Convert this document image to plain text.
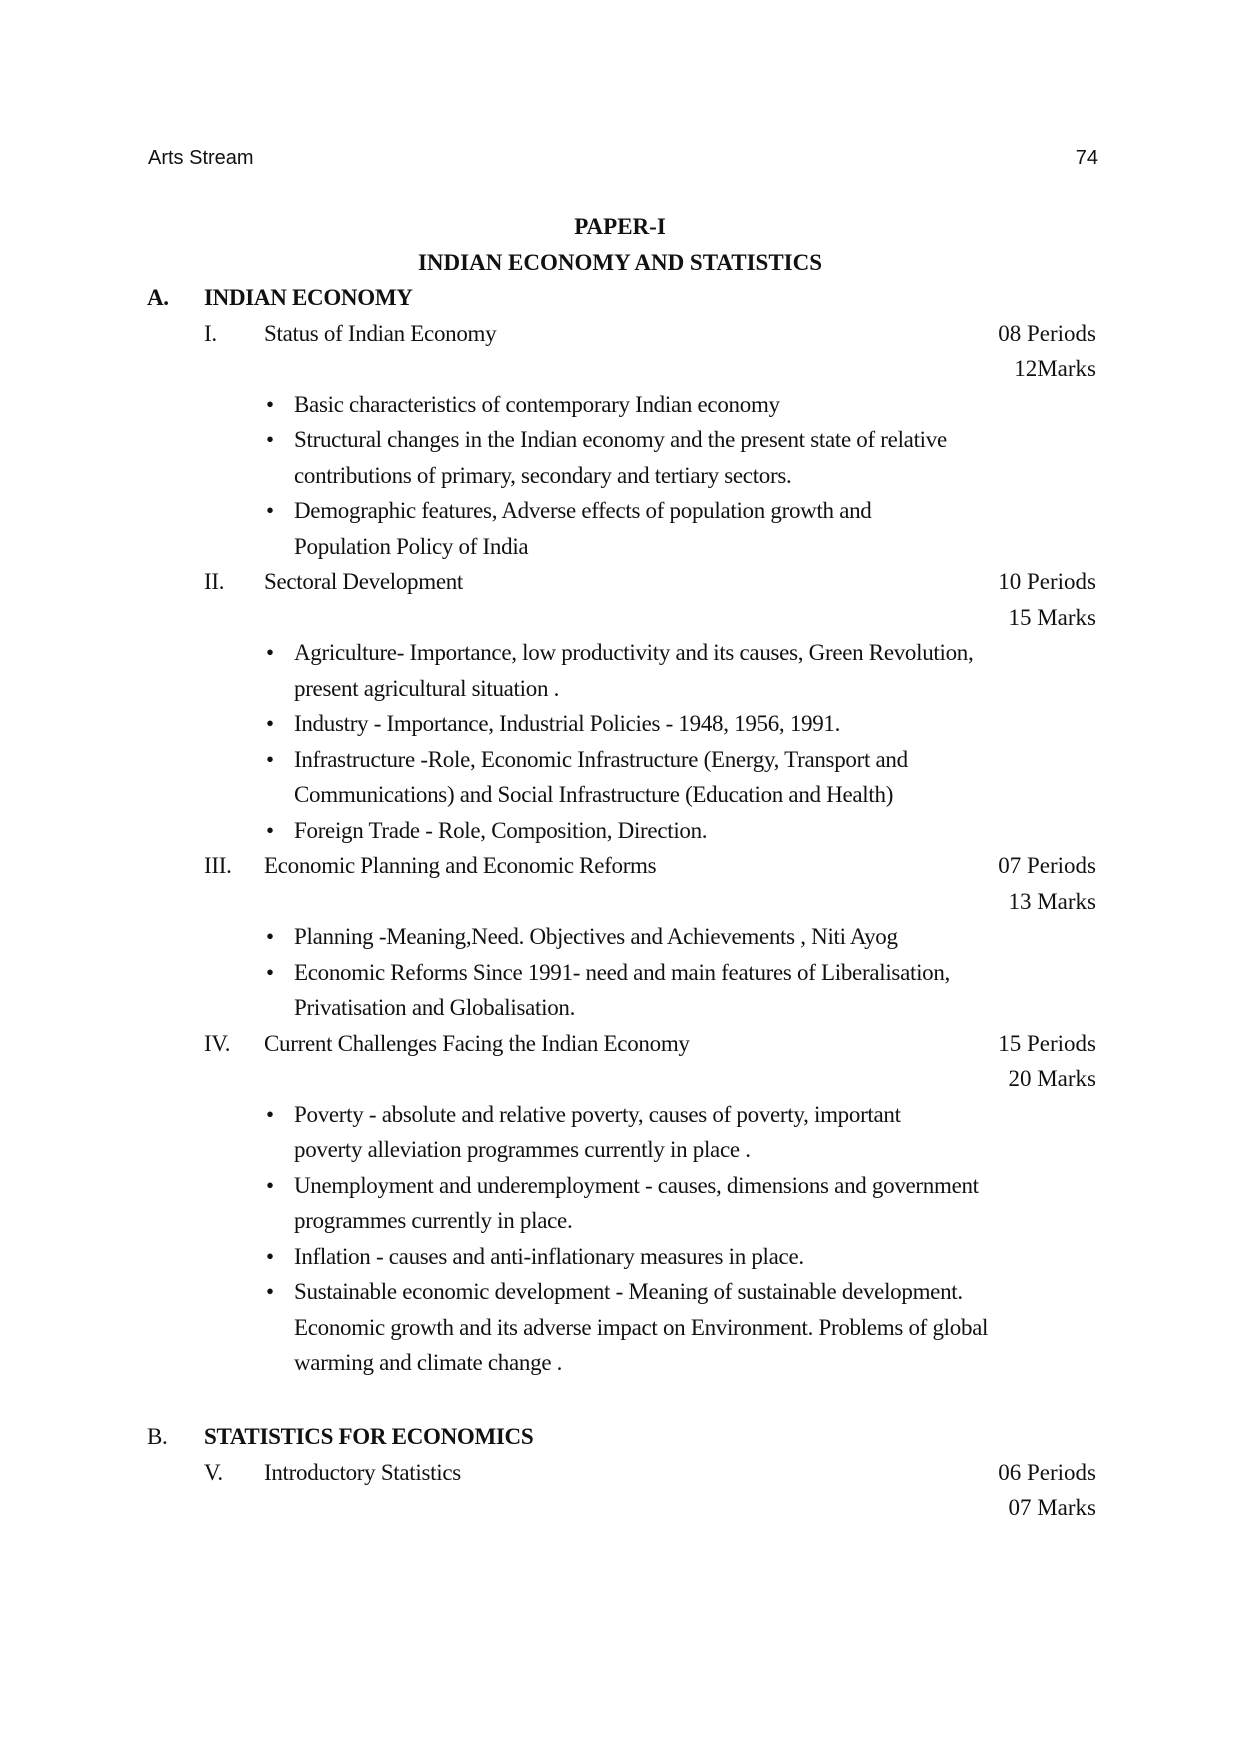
Arts Stream	74
PAPER-I
INDIAN ECONOMY AND STATISTICS
A. INDIAN ECONOMY
I. Status of Indian Economy	08 Periods
12Marks
• Basic characteristics of contemporary Indian economy
• Structural changes in the Indian economy and the present state of relative
contributions of primary, secondary and tertiary sectors.
• Demographic features, Adverse effects of population growth and
Population Policy of India
II. Sectoral Development	10 Periods
15 Marks
• Agriculture- Importance, low productivity and its causes, Green Revolution,
present agricultural situation .
• Industry - Importance, Industrial Policies - 1948, 1956, 1991.
• Infrastructure -Role, Economic Infrastructure (Energy, Transport and
Communications) and Social Infrastructure (Education and Health)
• Foreign Trade - Role, Composition, Direction.
III. Economic Planning and Economic Reforms	07 Periods
13 Marks
• Planning -Meaning,Need. Objectives and Achievements , Niti Ayog
• Economic Reforms Since 1991- need and main features of Liberalisation,
Privatisation and Globalisation.
IV. Current Challenges Facing the Indian Economy	15 Periods
20 Marks
• Poverty - absolute and relative poverty, causes of poverty, important
poverty alleviation programmes currently in place .
• Unemployment and underemployment - causes, dimensions and government
programmes currently in place.
• Inflation - causes and anti-inflationary measures in place.
• Sustainable economic development - Meaning of sustainable development.
Economic growth and its adverse impact on Environment. Problems of global
warming and climate change .
B. STATISTICS FOR ECONOMICS
V. Introductory Statistics	06 Periods
07 Marks
